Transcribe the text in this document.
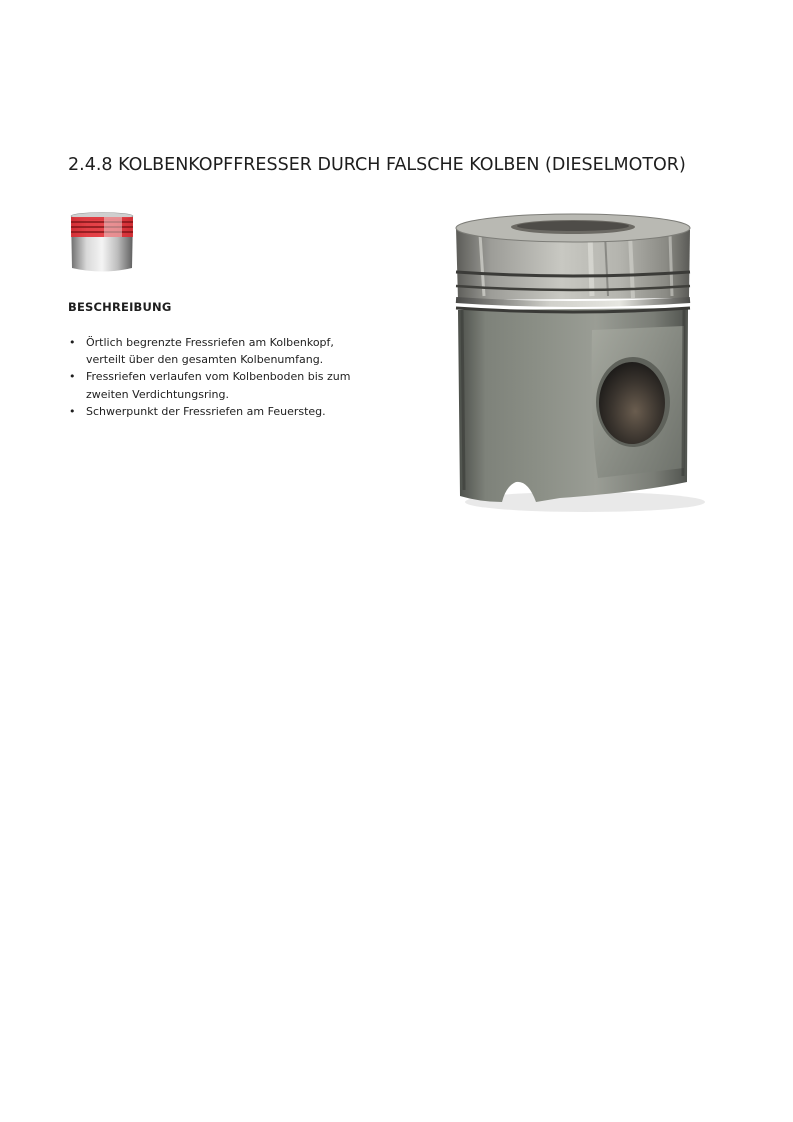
2.4.8 KOLBENKOPFFRESSER DURCH FALSCHE KOLBEN (DIESELMOTOR)
BESCHREIBUNG
• Örtlich begrenzte Fressriefen am Kolbenkopf, verteilt über den gesamten Kolbenumfang.
• Fressriefen verlaufen vom Kolbenboden bis zum zweiten Verdichtungsring.
• Schwerpunkt der Fressriefen am Feuersteg.
